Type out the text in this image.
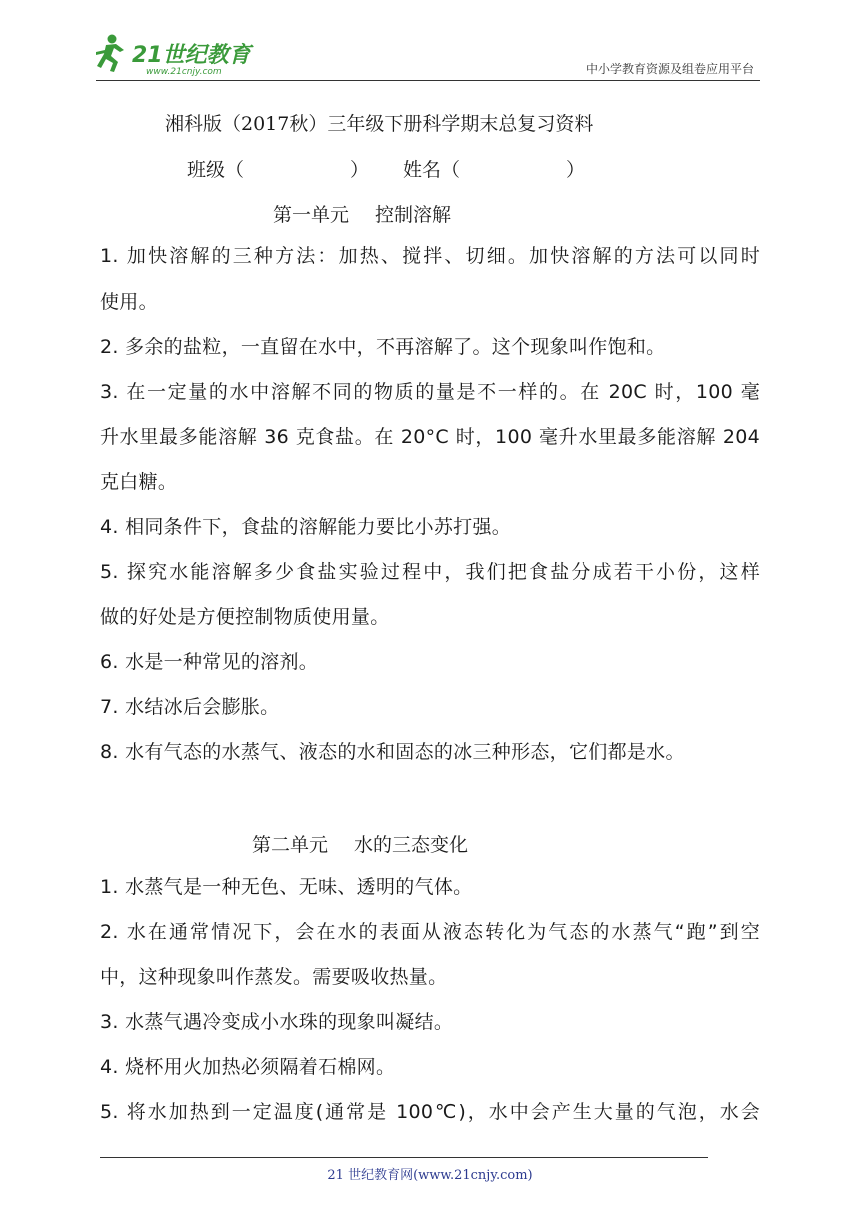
21世纪教育
www.21cnjy.com	中小学教育资源及组卷应用平台
湘科版（2017秋）三年级下册科学期末总复习资料
班级（	） 姓名（	）
第一单元 控制溶解
1. 加快溶解的三种方法：加热、搅拌、切细。加快溶解的方法可以同时
使用。
2. 多余的盐粒，一直留在水中，不再溶解了。这个现象叫作饱和。
3. 在一定量的水中溶解不同的物质的量是不一样的。在 20C 时，100 毫
升水里最多能溶解 36 克食盐。在 20°C 时，100 毫升水里最多能溶解 204
克白糖。
4. 相同条件下，食盐的溶解能力要比小苏打强。
5. 探究水能溶解多少食盐实验过程中，我们把食盐分成若干小份，这样
做的好处是方便控制物质使用量。
6. 水是一种常见的溶剂。
7. 水结冰后会膨胀。
8. 水有气态的水蒸气、液态的水和固态的冰三种形态，它们都是水。
第二单元 水的三态变化
1. 水蒸气是一种无色、无味、透明的气体。
2. 水在通常情况下，会在水的表面从液态转化为气态的水蒸气“跑”到空
中，这种现象叫作蒸发。需要吸收热量。
3. 水蒸气遇冷变成小水珠的现象叫凝结。
4. 烧杯用火加热必须隔着石棉网。
5. 将水加热到一定温度(通常是 100℃)，水中会产生大量的气泡，水会
21 世纪教育网(www.21cnjy.com)
